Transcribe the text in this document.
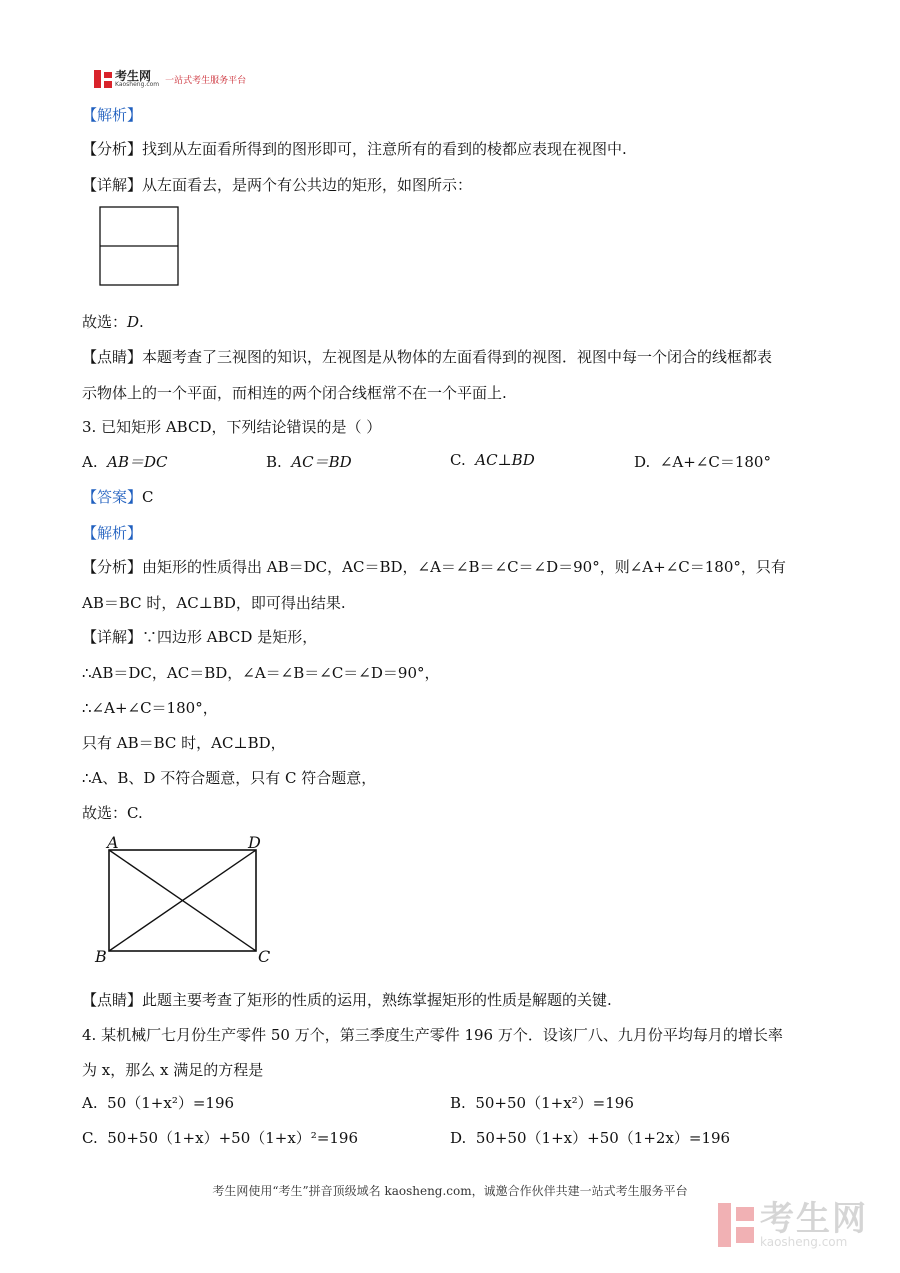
考生网
Kaosheng.com 一站式考生服务平台
【解析】
【分析】找到从左面看所得到的图形即可，注意所有的看到的棱都应表现在视图中.
【详解】从左面看去，是两个有公共边的矩形，如图所示：
故选：D.
【点睛】本题考查了三视图的知识，左视图是从物体的左面看得到的视图．视图中每一个闭合的线框都表
示物体上的一个平面，而相连的两个闭合线框常不在一个平面上.
3. 已知矩形 ABCD，下列结论错误的是（ ）
A. AB＝DC	B. AC＝BD	C. AC⊥BD	D. ∠A+∠C＝180°
【答案】C
【解析】
【分析】由矩形的性质得出 AB＝DC，AC＝BD，∠A＝∠B＝∠C＝∠D＝90°，则∠A+∠C＝180°，只有
AB＝BC 时，AC⊥BD，即可得出结果.
【详解】∵四边形 ABCD 是矩形，
∴AB＝DC，AC＝BD，∠A＝∠B＝∠C＝∠D＝90°，
∴∠A+∠C＝180°，
只有 AB＝BC 时，AC⊥BD，
∴A、B、D 不符合题意，只有 C 符合题意，
故选：C.
A	D
B	C
【点睛】此题主要考查了矩形的性质的运用，熟练掌握矩形的性质是解题的关键.
4. 某机械厂七月份生产零件 50 万个，第三季度生产零件 196 万个．设该厂八、九月份平均每月的增长率
为 x，那么 x 满足的方程是
A. 50（1+x²）=196	B. 50+50（1+x²）=196
C. 50+50（1+x）+50（1+x）²=196	D. 50+50（1+x）+50（1+2x）=196
考生网使用“考生”拼音顶级域名 kaosheng.com，诚邀合作伙伴共建一站式考生服务平台
考生网
kaosheng.com
